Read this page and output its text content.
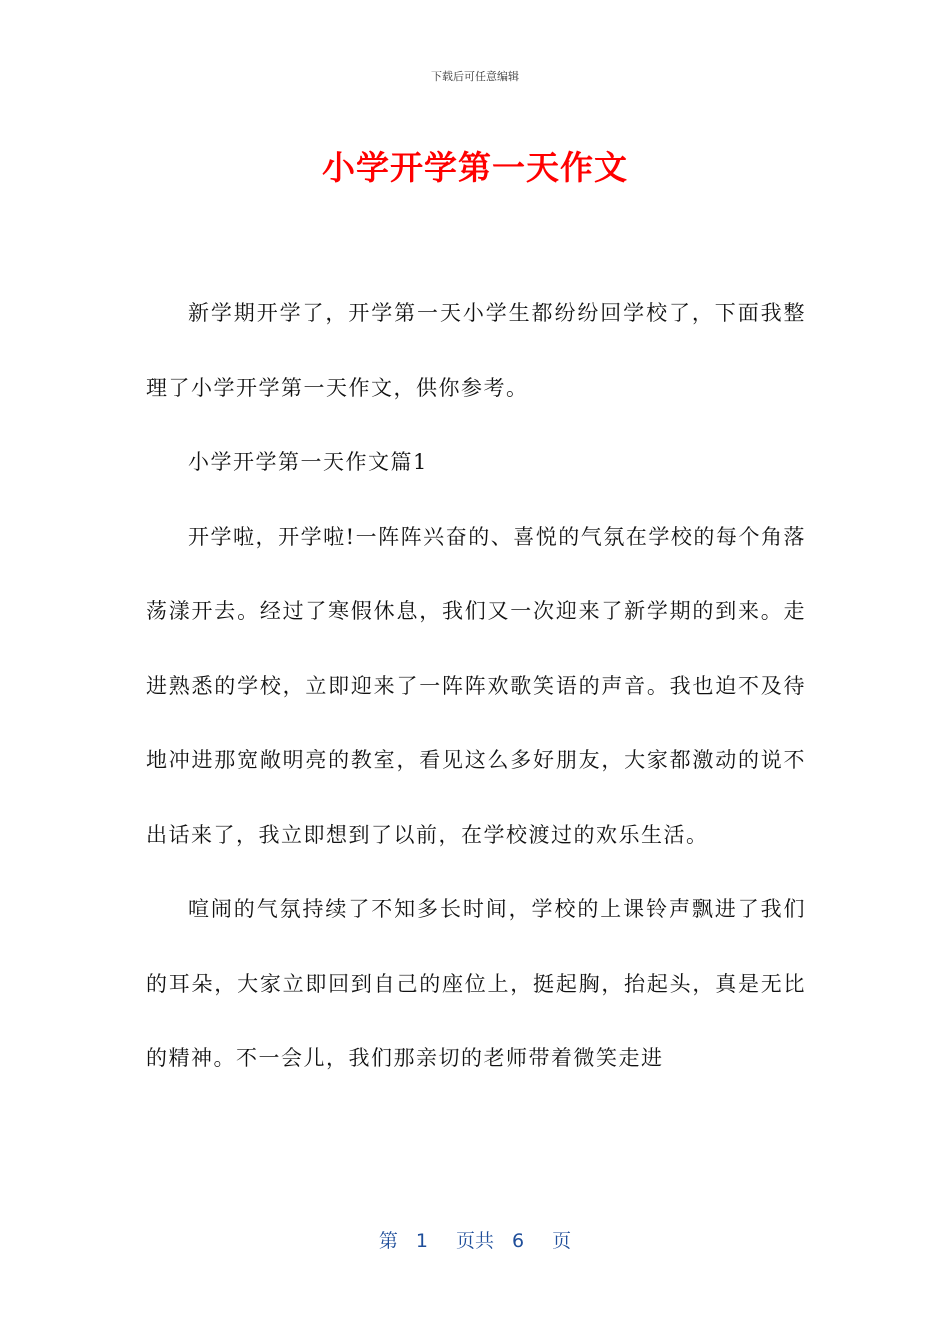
下载后可任意编辑
小学开学第一天作文

新学期开学了，开学第一天小学生都纷纷回学校了，下面我整理了小学开学第一天作文，供你参考。

小学开学第一天作文篇1

开学啦，开学啦!一阵阵兴奋的、喜悦的气氛在学校的每个角落荡漾开去。经过了寒假休息，我们又一次迎来了新学期的到来。走进熟悉的学校，立即迎来了一阵阵欢歌笑语的声音。我也迫不及待地冲进那宽敞明亮的教室，看见这么多好朋友，大家都激动的说不出话来了，我立即想到了以前，在学校渡过的欢乐生活。

喧闹的气氛持续了不知多长时间，学校的上课铃声飘进了我们的耳朵，大家立即回到自己的座位上，挺起胸，抬起头，真是无比的精神。不一会儿，我们那亲切的老师带着微笑走进

第 1 页共 6 页
